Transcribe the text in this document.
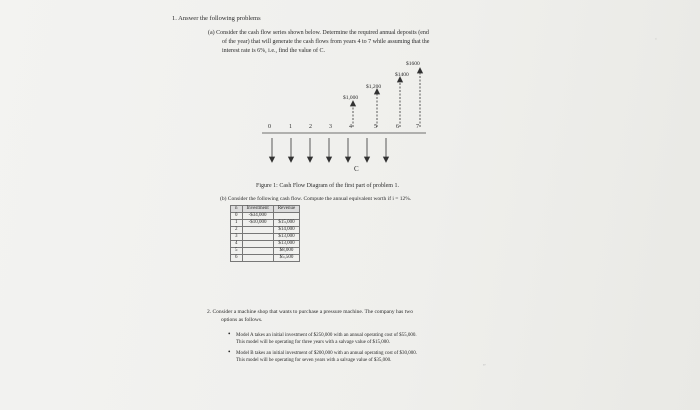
1. Answer the following problems
(a) Consider the cash flow series shown below. Determine the required annual deposits (end
of the year) that will generate the cash flows from years 4 to 7 while assuming that the
interest rate is 6%, i.e., find the value of C.
$1,000
$1,200
$1400
$1600
0	1	2	3	4	5	6	7
C
Figure 1: Cash Flow Diagram of the first part of problem 1.
(b) Consider the following cash flow. Compute the annual equivalent worth if i = 12%.
n	Investment	Revenue
0	-$34,000	
1	-$10,000	$15,000
2		$14,000
3		$13,000
4		$13,000
5		$8,000
6		$5,500
2. Consider a machine shop that wants to purchase a pressure machine. The company has two
options as follows.
• Model A takes an initial investment of $250,000 with an annual operating cost of $55,000.
This model will be operating for three years with a salvage value of $15,000.
• Model B takes an initial investment of $200,000 with an annual operating cost of $30,000.
This model will be operating for seven years with a salvage value of $35,000.
‘
”
